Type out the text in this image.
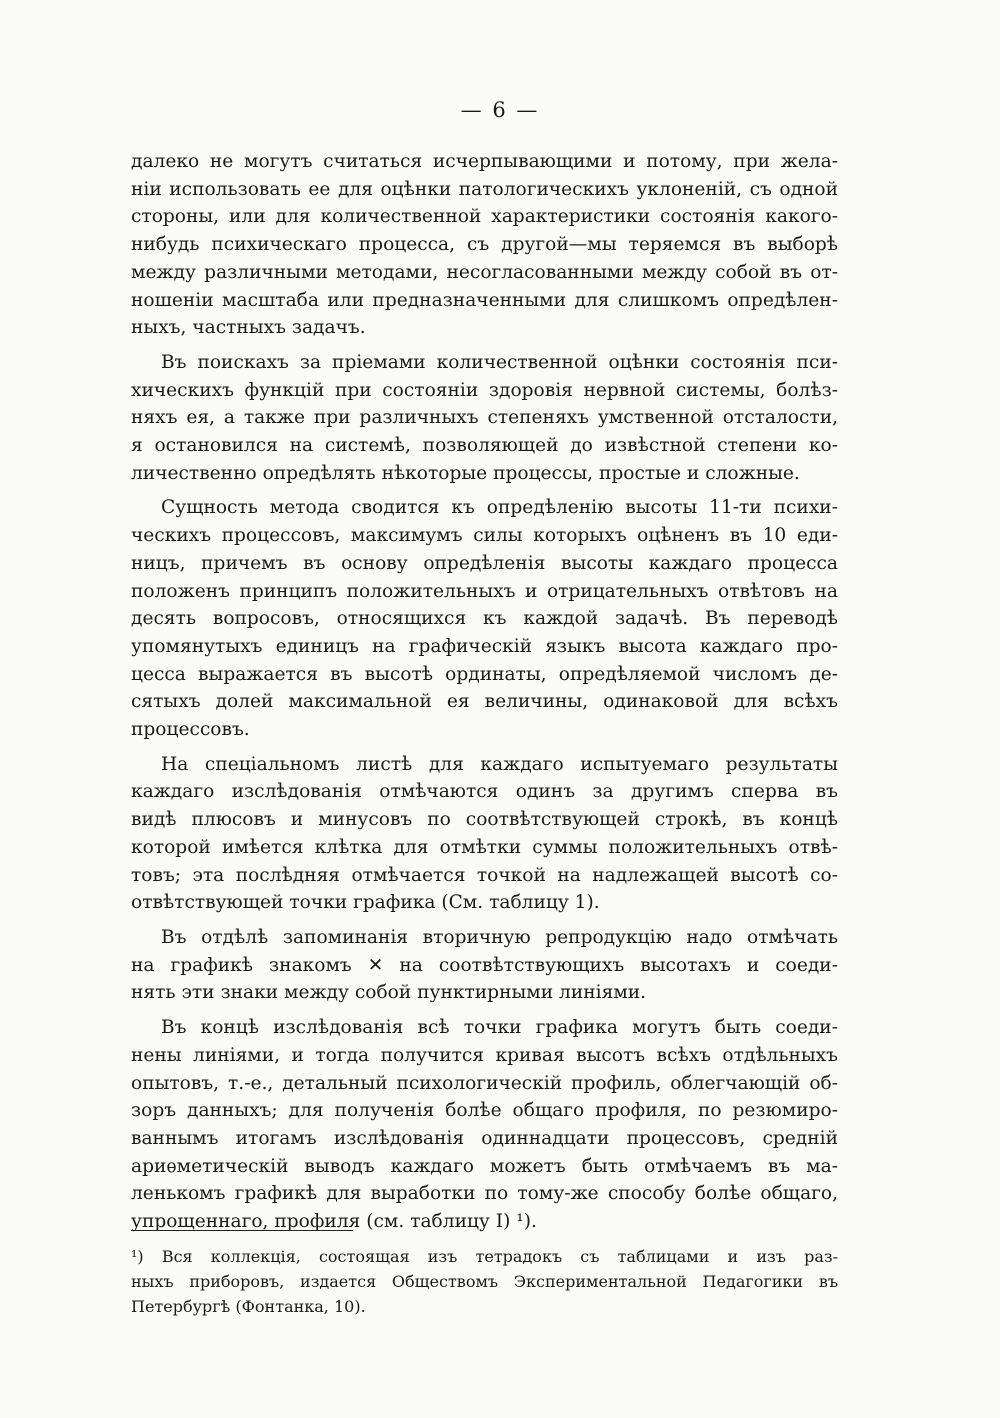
— 6 —

далеко не могутъ считаться исчерпывающими и потому, при жела-
ніи использовать ее для оцѣнки патологическихъ уклоненій, съ одной
стороны, или для количественной характеристики состоянія какого-
нибудь психическаго процесса, съ другой—мы теряемся въ выборѣ
между различными методами, несогласованными между собой въ от-
ношеніи масштаба или предназначенными для слишкомъ опредѣлен-
ныхъ, частныхъ задачъ.

Въ поискахъ за пріемами количественной оцѣнки состоянія пси-
хическихъ функцій при состояніи здоровія нервной системы, болѣз-
няхъ ея, а также при различныхъ степеняхъ умственной отсталости,
я остановился на системѣ, позволяющей до извѣстной степени ко-
личественно опредѣлять нѣкоторые процессы, простые и сложные.

Сущность метода сводится къ опредѣленію высоты 11-ти психи-
ческихъ процессовъ, максимумъ силы которыхъ оцѣненъ въ 10 еди-
ницъ, причемъ въ основу опредѣленія высоты каждаго процесса
положенъ принципъ положительныхъ и отрицательныхъ отвѣтовъ на
десять вопросовъ, относящихся къ каждой задачѣ. Въ переводѣ
упомянутыхъ единицъ на графическій языкъ высота каждаго про-
цесса выражается въ высотѣ ординаты, опредѣляемой числомъ де-
сятыхъ долей максимальной ея величины, одинаковой для всѣхъ
процессовъ.

На спеціальномъ листѣ для каждаго испытуемаго результаты
каждаго изслѣдованія отмѣчаются одинъ за другимъ сперва въ
видѣ плюсовъ и минусовъ по соотвѣтствующей строкѣ, въ концѣ
которой имѣется клѣтка для отмѣтки суммы положительныхъ отвѣ-
товъ; эта послѣдняя отмѣчается точкой на надлежащей высотѣ со-
отвѣтствующей точки графика (См. таблицу 1).

Въ отдѣлѣ запоминанія вторичную репродукцію надо отмѣчать
на графикѣ знакомъ ✕ на соотвѣтствующихъ высотахъ и соеди-
нять эти знаки между собой пунктирными линіями.

Въ концѣ изслѣдованія всѣ точки графика могутъ быть соеди-
нены линіями, и тогда получится кривая высотъ всѣхъ отдѣльныхъ
опытовъ, т.-е., детальный психологическій профиль, облегчающій об-
зоръ данныхъ; для полученія болѣе общаго профиля, по резюмиро-
ваннымъ итогамъ изслѣдованія одиннадцати процессовъ, средній
ариѳметическій выводъ каждаго можетъ быть отмѣчаемъ въ ма-
ленькомъ графикѣ для выработки по тому-же способу болѣе общаго,
упрощеннаго, профиля (см. таблицу I) ¹).

¹) Вся коллекція, состоящая изъ тетрадокъ съ таблицами и изъ раз-
ныхъ приборовъ, издается Обществомъ Экспериментальной Педагогики въ
Петербургѣ (Фонтанка, 10).
